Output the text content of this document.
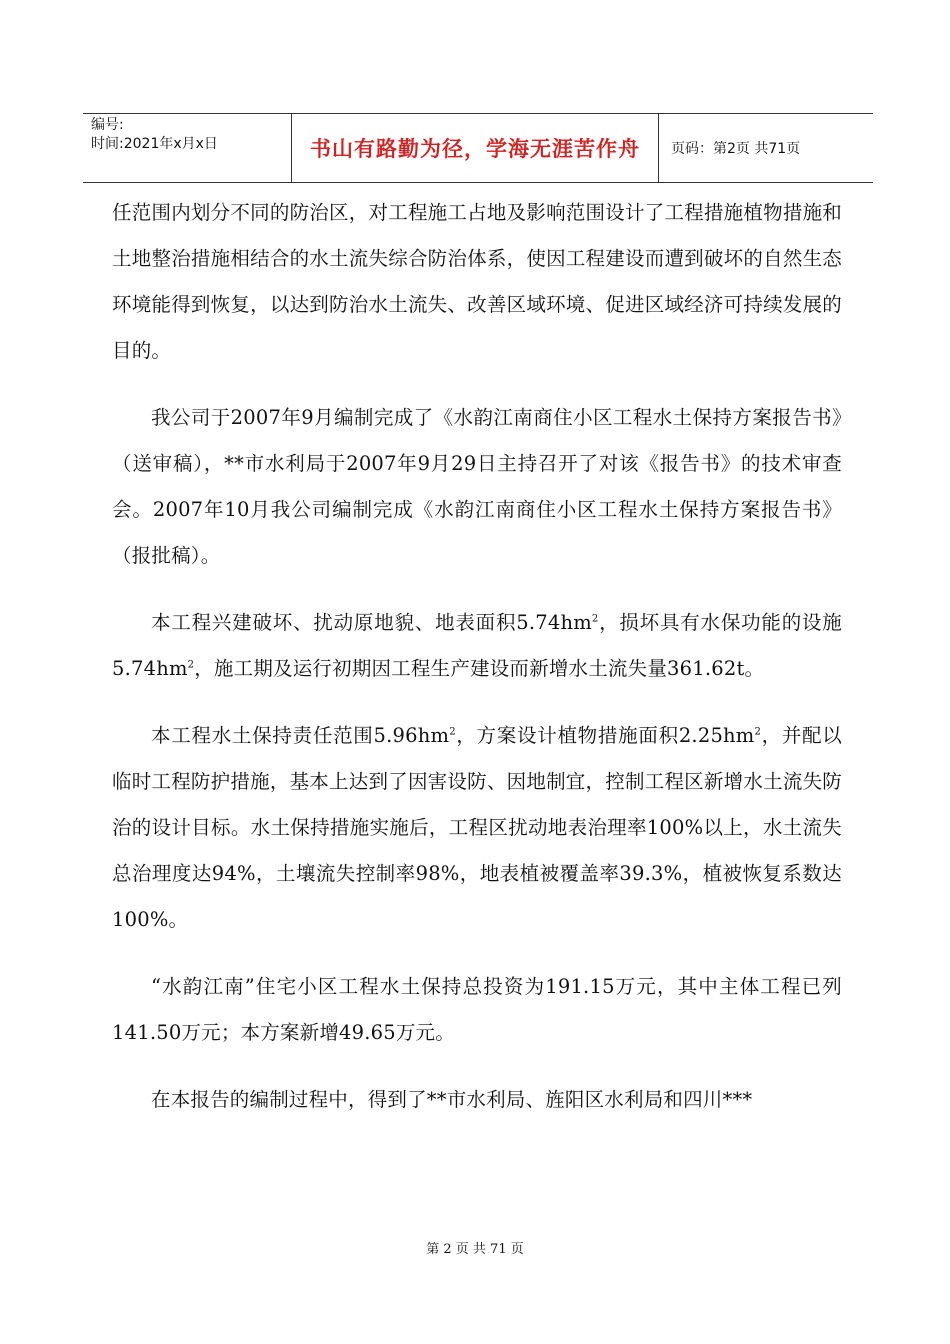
编号:
时间:2021年x月x日	书山有路勤为径，学海无涯苦作舟	页码：第2页 共71页

任范围内划分不同的防治区，对工程施工占地及影响范围设计了工程措施植物措施和土地整治措施相结合的水土流失综合防治体系，使因工程建设而遭到破坏的自然生态环境能得到恢复，以达到防治水土流失、改善区域环境、促进区域经济可持续发展的目的。

我公司于2007年9月编制完成了《水韵江南商住小区工程水土保持方案报告书》（送审稿），**市水利局于2007年9月29日主持召开了对该《报告书》的技术审查会。2007年10月我公司编制完成《水韵江南商住小区工程水土保持方案报告书》（报批稿）。

本工程兴建破坏、扰动原地貌、地表面积$5.74hm^2$，损坏具有水保功能的设施$5.74hm^2$，施工期及运行初期因工程生产建设而新增水土流失量361.62t。

本工程水土保持责任范围$5.96hm^2$，方案设计植物措施面积$2.25hm^2$，并配以临时工程防护措施，基本上达到了因害设防、因地制宜，控制工程区新增水土流失防治的设计目标。水土保持措施实施后，工程区扰动地表治理率100%以上，水土流失总治理度达94%，土壤流失控制率98%，地表植被覆盖率39.3%，植被恢复系数达100%。

“水韵江南”住宅小区工程水土保持总投资为191.15万元，其中主体工程已列141.50万元；本方案新增49.65万元。

在本报告的编制过程中，得到了**市水利局、旌阳区水利局和四川***

第 2 页 共 71 页
